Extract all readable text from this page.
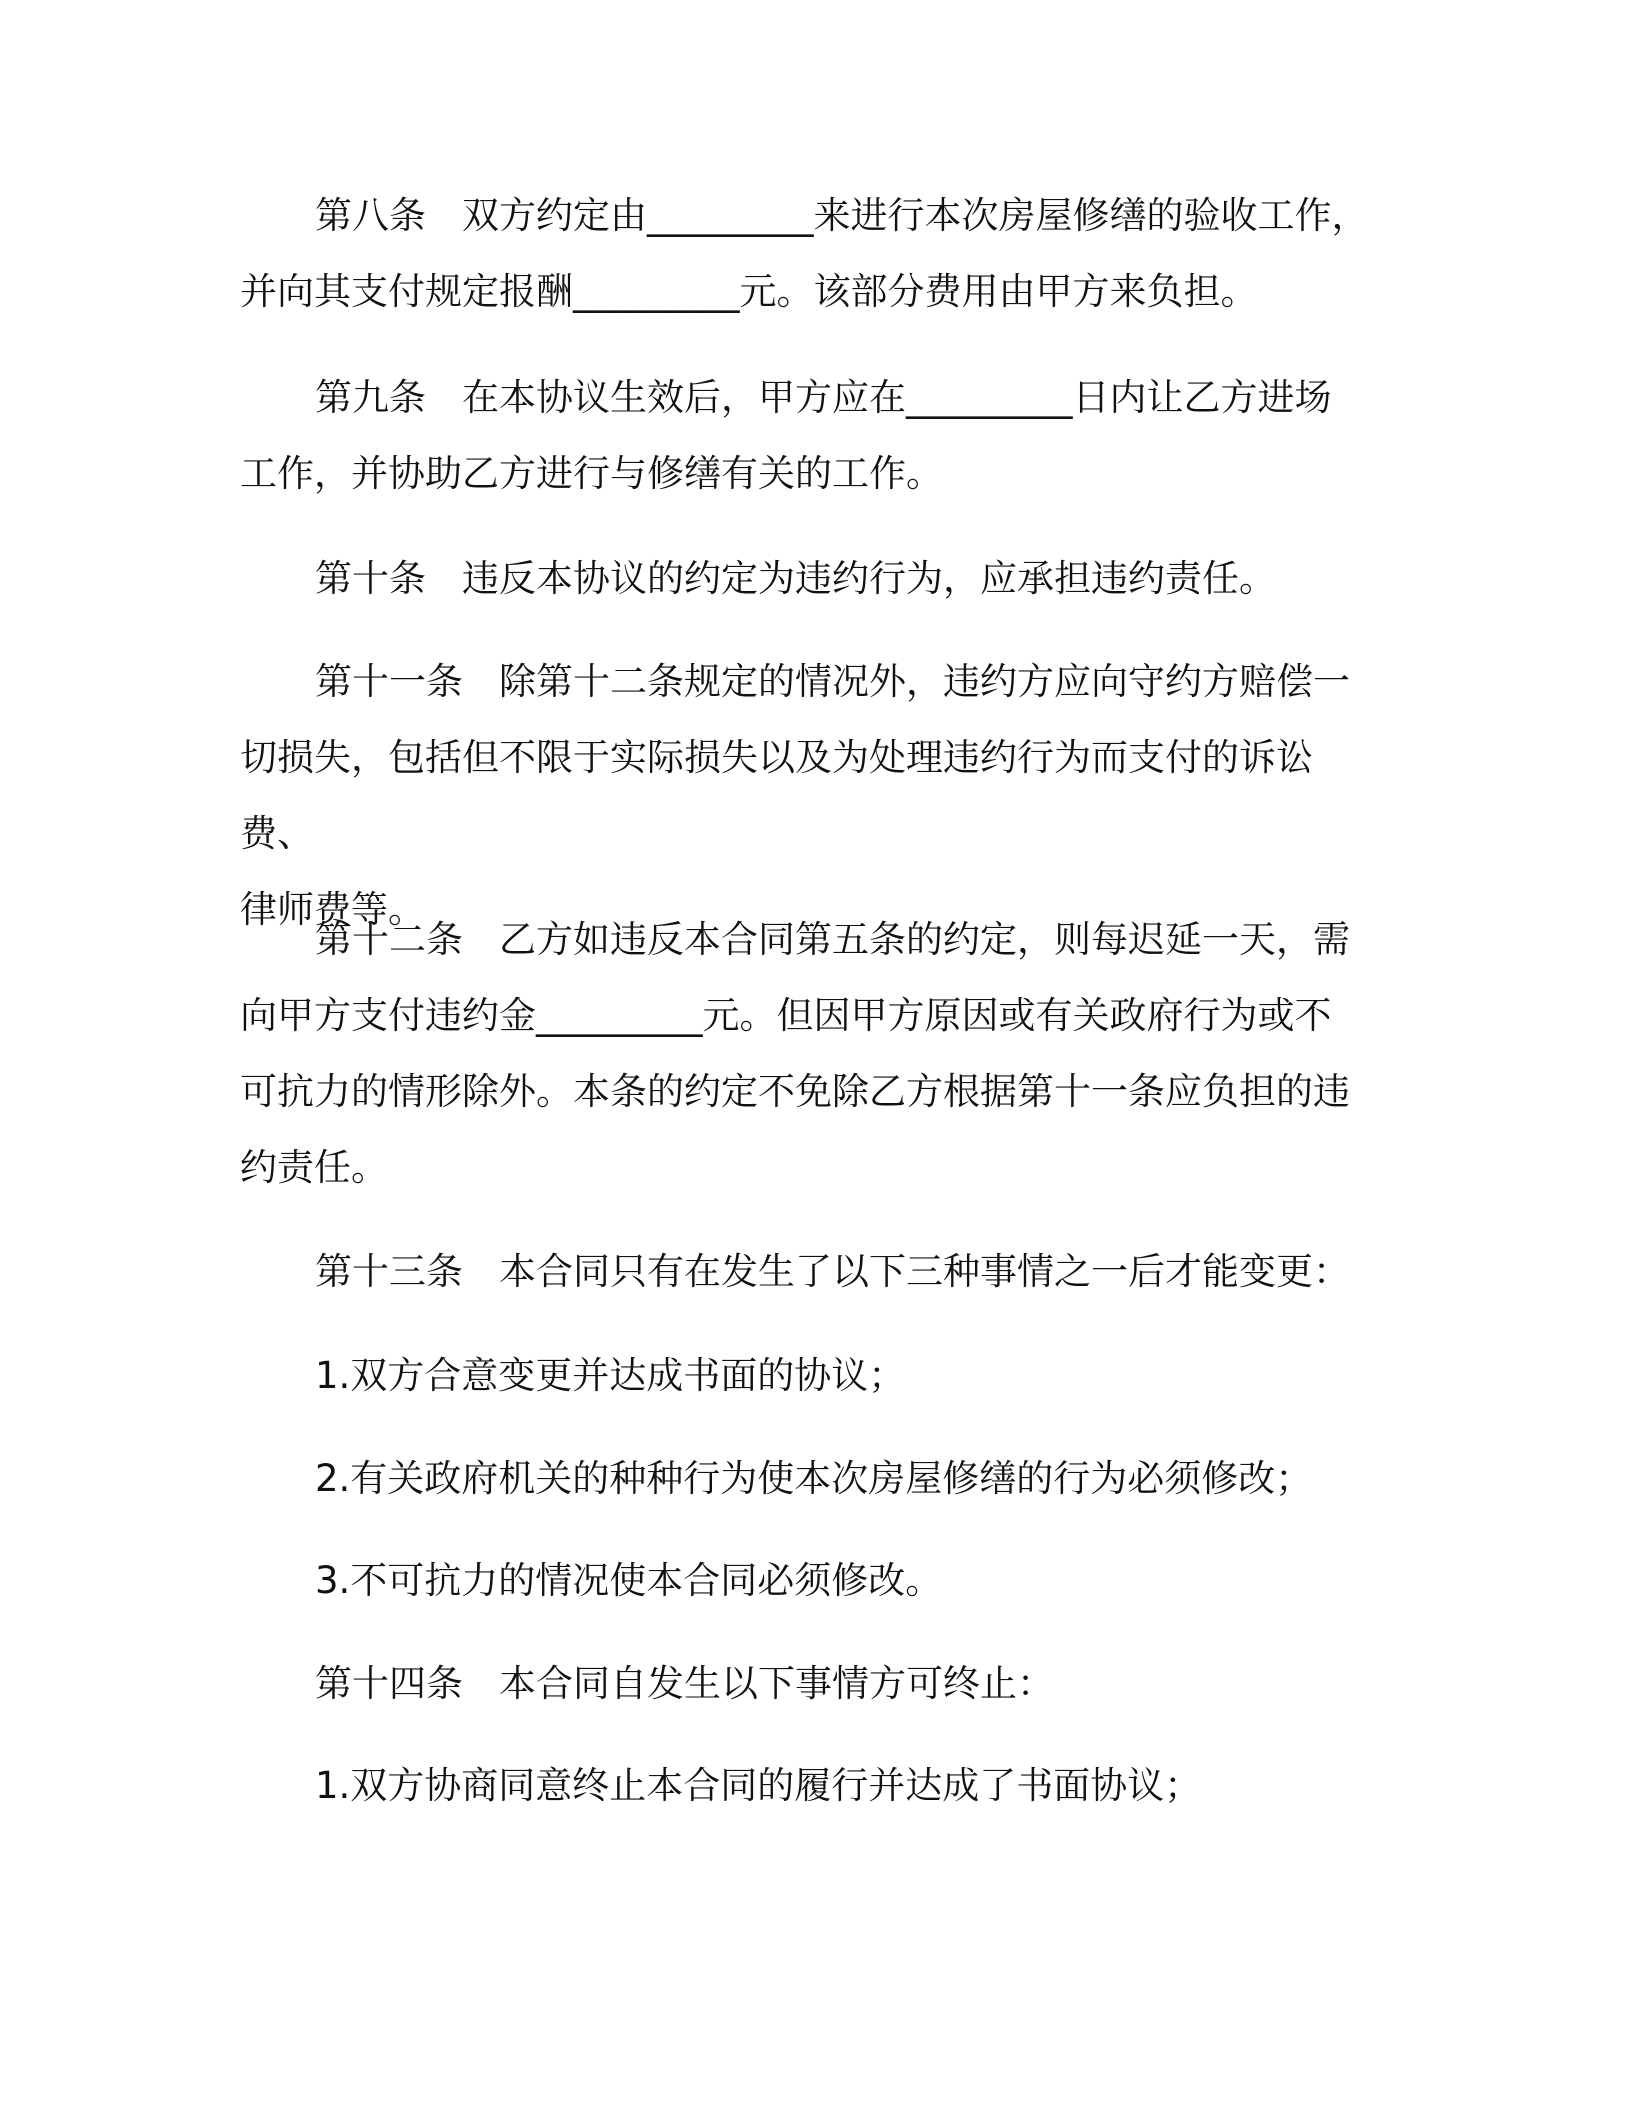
第八条 双方约定由_________来进行本次房屋修缮的验收工作，
并向其支付规定报酬_________元。该部分费用由甲方来负担。
第九条 在本协议生效后，甲方应在_________日内让乙方进场
工作，并协助乙方进行与修缮有关的工作。
第十条 违反本协议的约定为违约行为，应承担违约责任。
第十一条 除第十二条规定的情况外，违约方应向守约方赔偿一
切损失，包括但不限于实际损失以及为处理违约行为而支付的诉讼费、
律师费等。
第十二条 乙方如违反本合同第五条的约定，则每迟延一天，需
向甲方支付违约金_________元。但因甲方原因或有关政府行为或不
可抗力的情形除外。本条的约定不免除乙方根据第十一条应负担的违
约责任。
第十三条 本合同只有在发生了以下三种事情之一后才能变更：
1.双方合意变更并达成书面的协议；
2.有关政府机关的种种行为使本次房屋修缮的行为必须修改；
3.不可抗力的情况使本合同必须修改。
第十四条 本合同自发生以下事情方可终止：
1.双方协商同意终止本合同的履行并达成了书面协议；
